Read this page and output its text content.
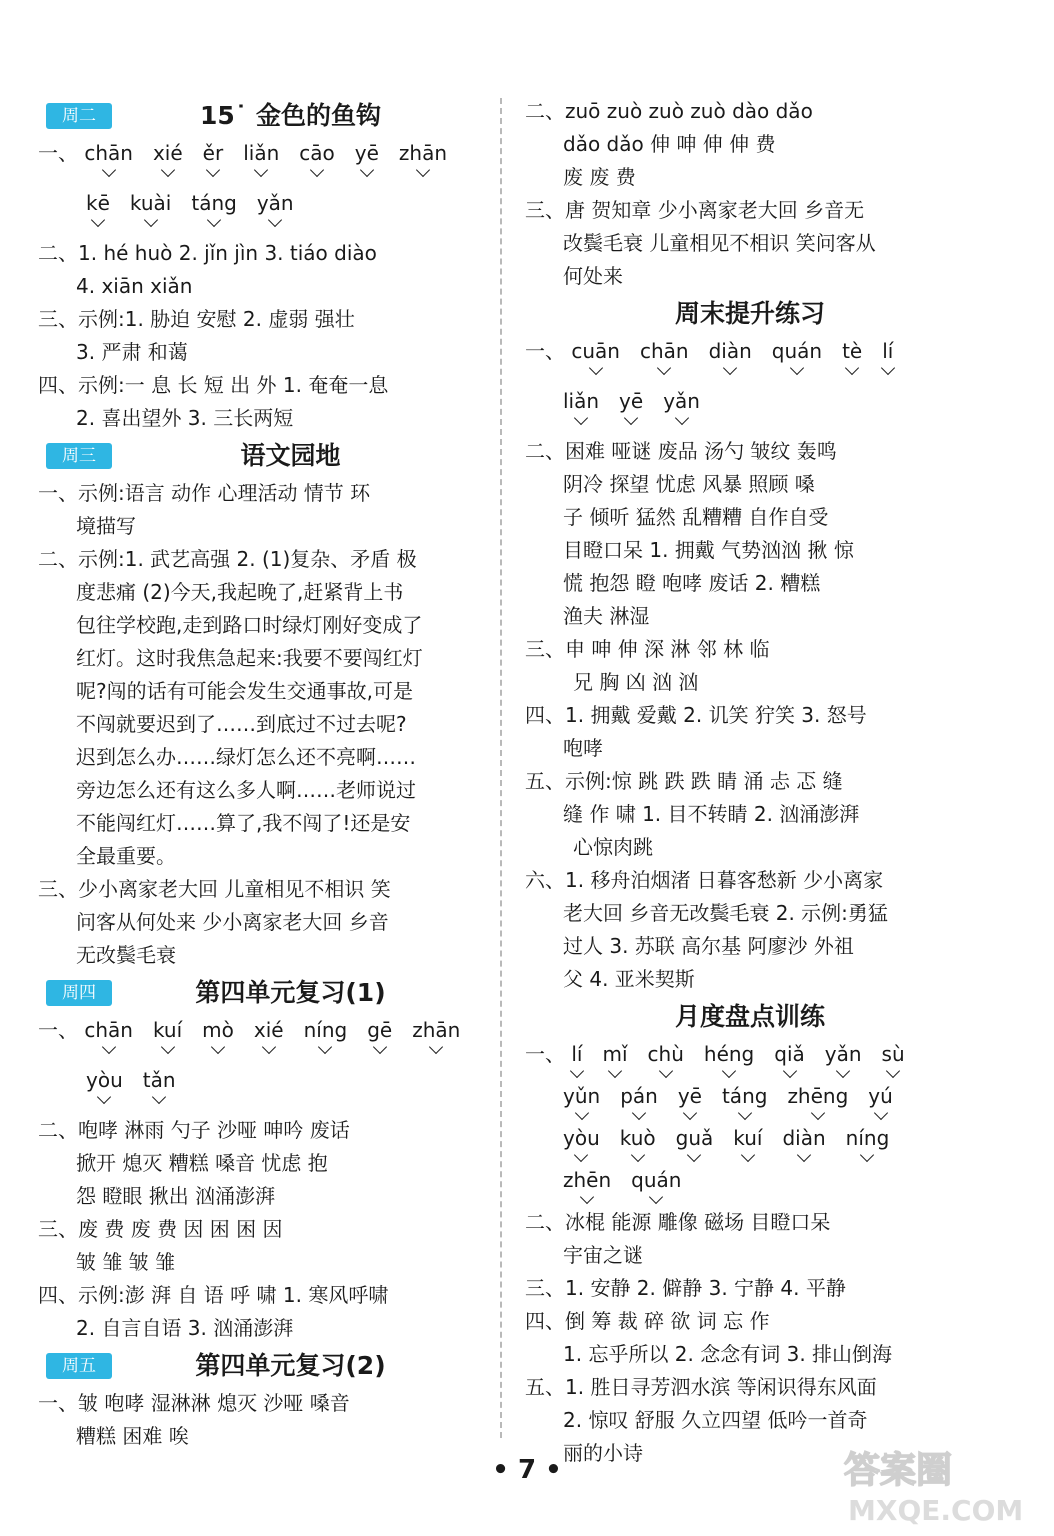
周二	15˙ 金色的鱼钩
一、 chān xié ěr liǎn cāo yē zhān
kē kuài táng yǎn
二、1. hé huò 2. jǐn jìn 3. tiáo diào
4. xiān xiǎn
三、示例:1. 胁迫 安慰 2. 虚弱 强壮
3. 严肃 和蔼
四、示例:一 息 长 短 出 外 1. 奄奄一息
2. 喜出望外 3. 三长两短
周三	语文园地
一、示例:语言 动作 心理活动 情节 环
境描写
二、示例:1. 武艺高强 2. (1)复杂、矛盾 极
度悲痛 (2)今天,我起晚了,赶紧背上书
包往学校跑,走到路口时绿灯刚好变成了
红灯。这时我焦急起来:我要不要闯红灯
呢?闯的话有可能会发生交通事故,可是
不闯就要迟到了……到底过不过去呢?
迟到怎么办……绿灯怎么还不亮啊……
旁边怎么还有这么多人啊……老师说过
不能闯红灯……算了,我不闯了!还是安
全最重要。
三、少小离家老大回 儿童相见不相识 笑
问客从何处来 少小离家老大回 乡音
无改鬓毛衰
周四	第四单元复习(1)
一、 chān kuí mò xié níng gē zhān
yòu tǎn
二、咆哮 淋雨 勺子 沙哑 呻吟 废话
掀开 熄灭 糟糕 嗓音 忧虑 抱
怨 瞪眼 揪出 汹涌澎湃
三、废 费 废 费 因 困 困 因
皱 雏 皱 雏
四、示例:澎 湃 自 语 呼 啸 1. 寒风呼啸
2. 自言自语 3. 汹涌澎湃
周五	第四单元复习(2)
一、皱 咆哮 湿淋淋 熄灭 沙哑 嗓音
糟糕 困难 唉
二、zuō zuò zuò zuò dào dǎo
dǎo dǎo 伸 呻 伸 伸 费
废 废 费
三、唐 贺知章 少小离家老大回 乡音无
改鬓毛衰 儿童相见不相识 笑问客从
何处来
周末提升练习
一、 cuān chān diàn quán tè lí
liǎn yē yǎn
二、困难 哑谜 废品 汤勺 皱纹 轰鸣
阴冷 探望 忧虑 风暴 照顾 嗓
子 倾听 猛然 乱糟糟 自作自受
目瞪口呆 1. 拥戴 气势汹汹 揪 惊
慌 抱怨 瞪 咆哮 废话 2. 糟糕
渔夫 淋湿
三、申 呻 伸 深 淋 邻 林 临
兄 胸 凶 汹 汹
四、1. 拥戴 爱戴 2. 讥笑 狞笑 3. 怒号
咆哮
五、示例:惊 跳 跌 跌 睛 涌 忐 忑 缝
缝 作 啸 1. 目不转睛 2. 汹涌澎湃
心惊肉跳
六、1. 移舟泊烟渚 日暮客愁新 少小离家
老大回 乡音无改鬓毛衰 2. 示例:勇猛
过人 3. 苏联 高尔基 阿廖沙 外祖
父 4. 亚米契斯
月度盘点训练
一、 lí mǐ chù héng qiǎ yǎn sù
yǔn pán yē táng zhēng yú
yòu kuò guǎ kuí diàn níng
zhēn quán
二、冰棍 能源 雕像 磁场 目瞪口呆
宇宙之谜
三、1. 安静 2. 僻静 3. 宁静 4. 平静
四、倒 筹 裁 碎 欲 词 忘 作
1. 忘乎所以 2. 念念有词 3. 排山倒海
五、1. 胜日寻芳泗水滨 等闲识得东风面
2. 惊叹 舒服 久立四望 低吟一首奇
丽的小诗
• 7 •	答案圈
MXQE.COM
